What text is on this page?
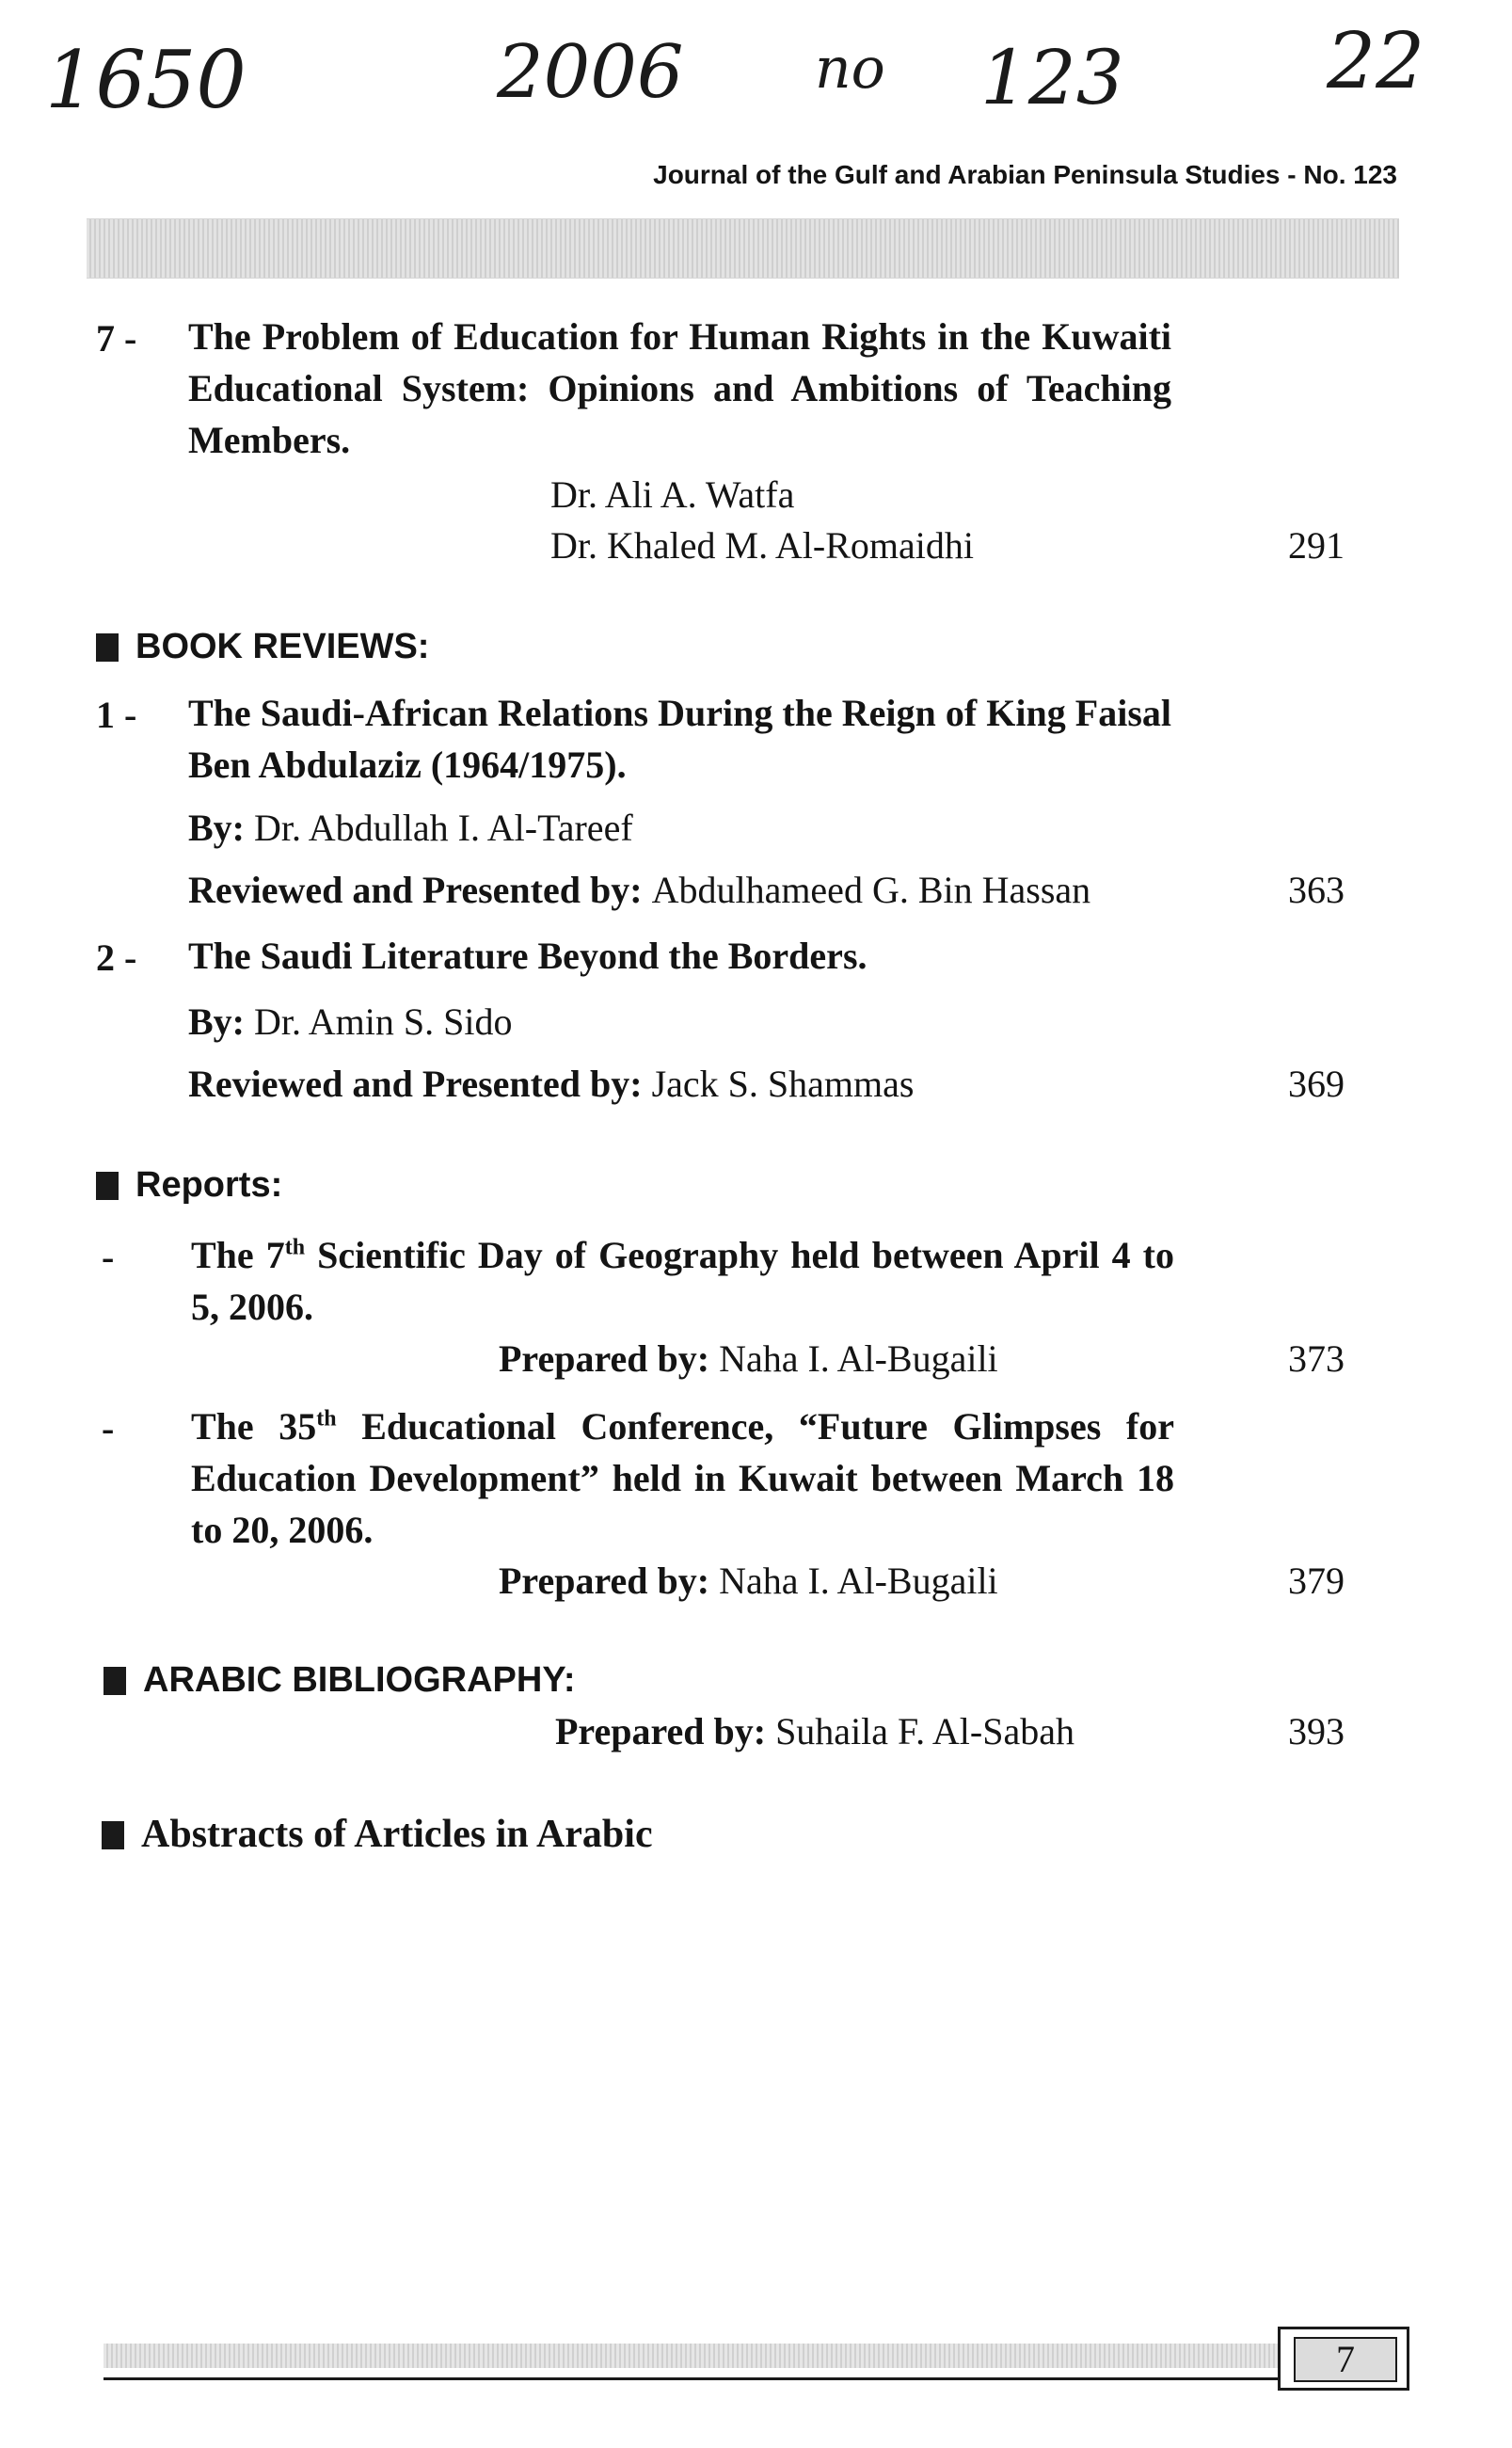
1650	2006 no 123	22
Journal of the Gulf and Arabian Peninsula Studies - No. 123
7 - The Problem of Education for Human Rights in the Kuwaiti Educational System: Opinions and Ambitions of Teaching Members.
Dr. Ali A. Watfa
Dr. Khaled M. Al-Romaidhi	291
BOOK REVIEWS:
1 - The Saudi-African Relations During the Reign of King Faisal Ben Abdulaziz (1964/1975).
By: Dr. Abdullah I. Al-Tareef
Reviewed and Presented by: Abdulhameed G. Bin Hassan	363
2 - The Saudi Literature Beyond the Borders.
By: Dr. Amin S. Sido
Reviewed and Presented by: Jack S. Shammas	369
Reports:
- The 7th Scientific Day of Geography held between April 4 to 5, 2006.
Prepared by: Naha I. Al-Bugaili	373
- The 35th Educational Conference, “Future Glimpses for Education Development” held in Kuwait between March 18 to 20, 2006.
Prepared by: Naha I. Al-Bugaili	379
ARABIC BIBLIOGRAPHY:
Prepared by: Suhaila F. Al-Sabah	393
Abstracts of Articles in Arabic
7
